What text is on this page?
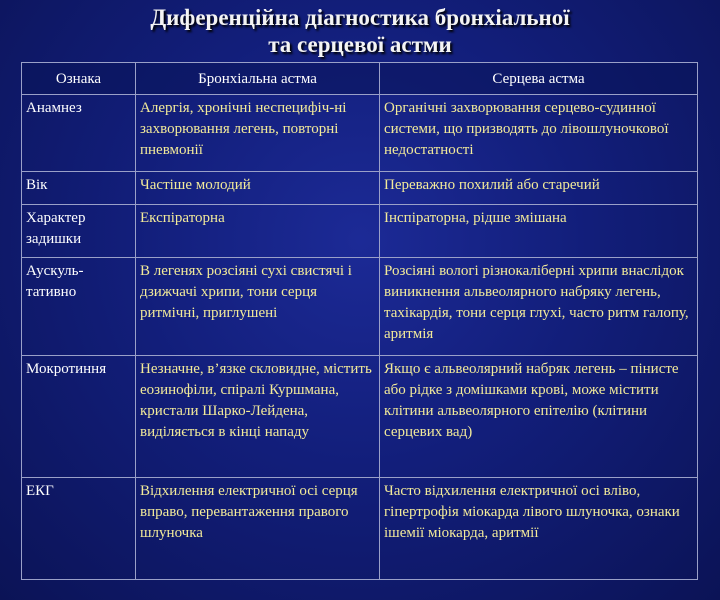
Диференційна діагностика бронхіальної
та серцевої астми
Ознака	Бронхіальна астма	Серцева астма
Анамнез	Алергія, хронічні неспецифіч-ні захворювання легень, повторні пневмонії	Органічні захворювання серцево-судинної системи, що призводять до лівошлуночкової недостатності
Вік	Частіше молодий	Переважно похилий або старечий
Характер задишки	Експіраторна	Інспіраторна, рідше змішана
Аускуль-тативно	В легенях розсіяні сухі свистячі і дзижчачі хрипи, тони серця ритмічні, приглушені	Розсіяні вологі різнокаліберні хрипи внаслідок виникнення альвеолярного набряку легень, тахікардія, тони серця глухі, часто ритм галопу, аритмія
Мокротиння	Незначне, в’язке скловидне, містить еозинофіли, спіралі Куршмана, кристали Шарко-Лейдена, виділяється в кінці нападу	Якщо є альвеолярний набряк легень – пінисте або рідке з домішками крові, може містити клітини альвеолярного епітелію (клітини серцевих вад)
ЕКГ	Відхилення електричної осі серця вправо, перевантаження правого шлуночка	Часто відхилення електричної осі вліво, гіпертрофія міокарда лівого шлуночка, ознаки ішемії міокарда, аритмії
